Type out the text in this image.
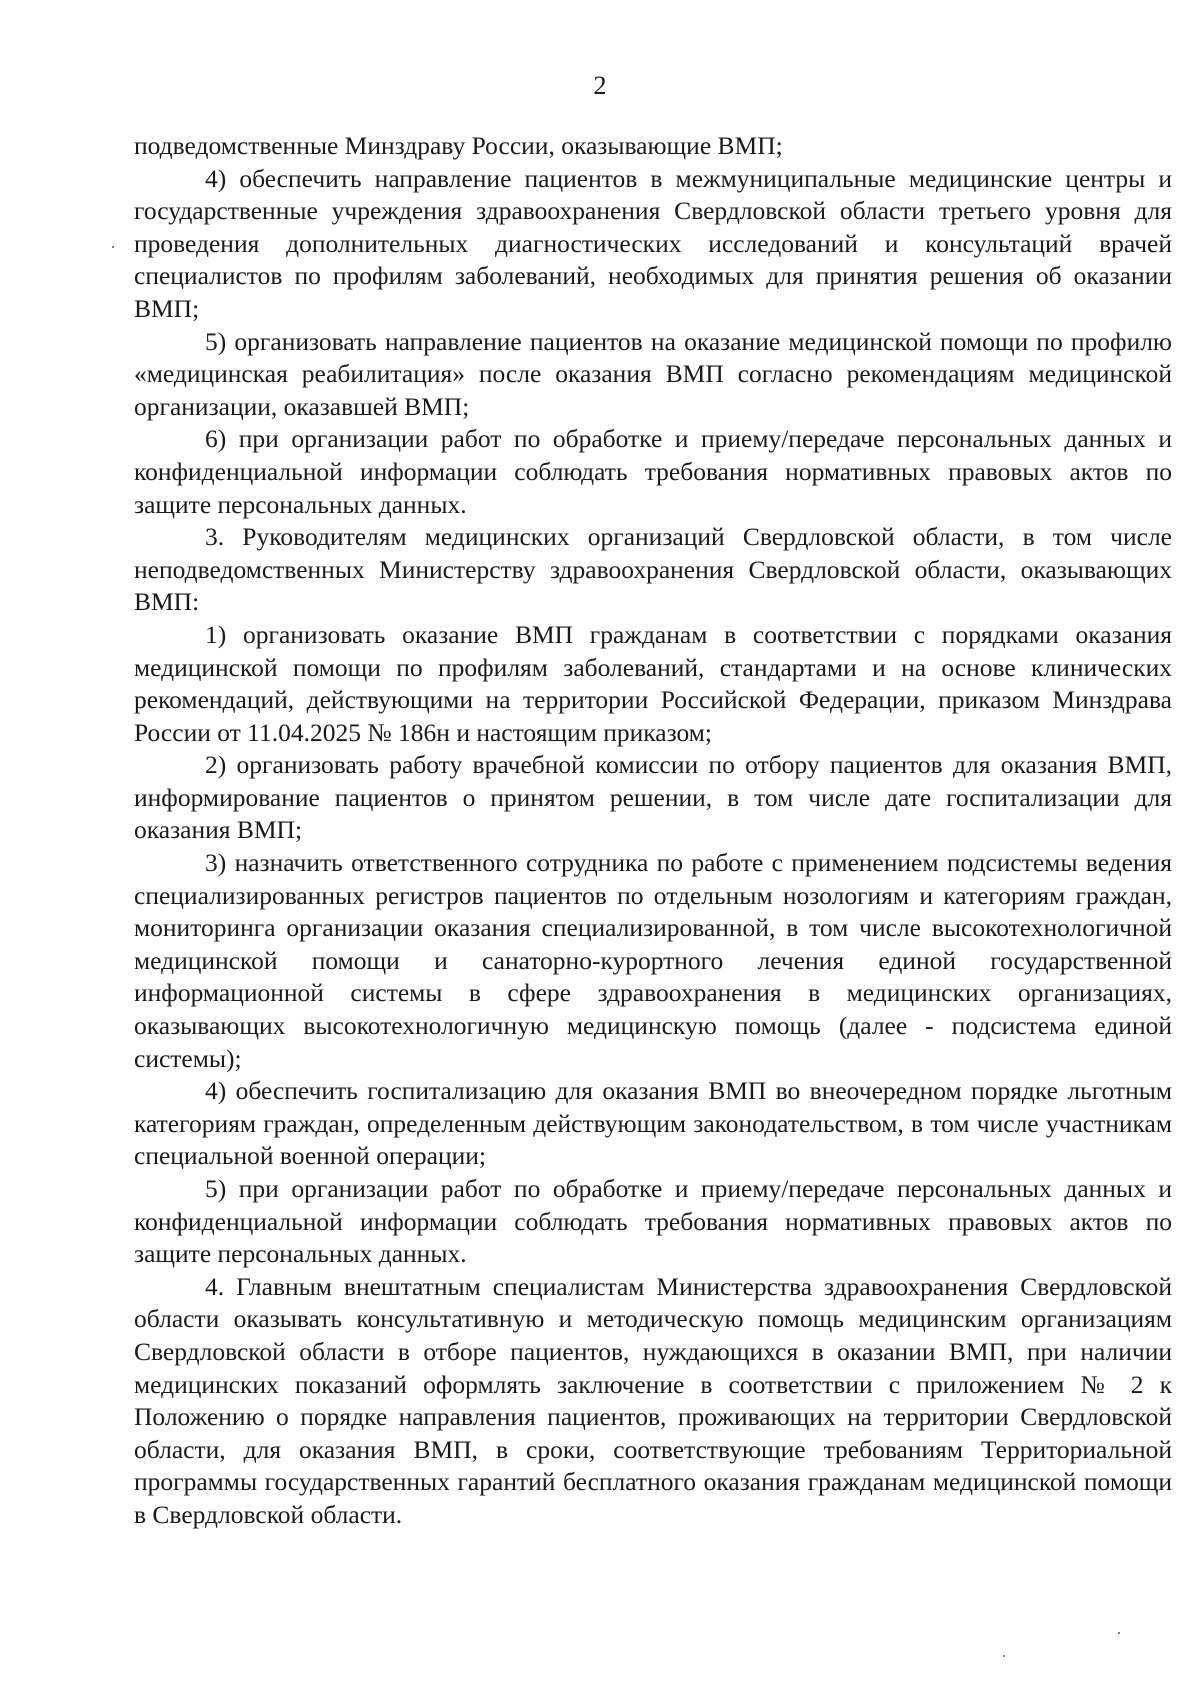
2

подведомственные Минздраву России, оказывающие ВМП;

4) обеспечить направление пациентов в межмуниципальные медицинские центры и государственные учреждения здравоохранения Свердловской области третьего уровня для проведения дополнительных диагностических исследований и консультаций врачей специалистов по профилям заболеваний, необходимых для принятия решения об оказании ВМП;

5) организовать направление пациентов на оказание медицинской помощи по профилю «медицинская реабилитация» после оказания ВМП согласно рекомендациям медицинской организации, оказавшей ВМП;

6) при организации работ по обработке и приему/передаче персональных данных и конфиденциальной информации соблюдать требования нормативных правовых актов по защите персональных данных.

3. Руководителям медицинских организаций Свердловской области, в том числе неподведомственных Министерству здравоохранения Свердловской области, оказывающих ВМП:

1) организовать оказание ВМП гражданам в соответствии с порядками оказания медицинской помощи по профилям заболеваний, стандартами и на основе клинических рекомендаций, действующими на территории Российской Федерации, приказом Минздрава России от 11.04.2025 № 186н и настоящим приказом;

2) организовать работу врачебной комиссии по отбору пациентов для оказания ВМП, информирование пациентов о принятом решении, в том числе дате госпитализации для оказания ВМП;

3) назначить ответственного сотрудника по работе с применением подсистемы ведения специализированных регистров пациентов по отдельным нозологиям и категориям граждан, мониторинга организации оказания специализированной, в том числе высокотехнологичной медицинской помощи и санаторно-курортного лечения единой государственной информационной системы в сфере здравоохранения в медицинских организациях, оказывающих высокотехнологичную медицинскую помощь (далее - подсистема единой системы);

4) обеспечить госпитализацию для оказания ВМП во внеочередном порядке льготным категориям граждан, определенным действующим законодательством, в том числе участникам специальной военной операции;

5) при организации работ по обработке и приему/передаче персональных данных и конфиденциальной информации соблюдать требования нормативных правовых актов по защите персональных данных.

4. Главным внештатным специалистам Министерства здравоохранения Свердловской области оказывать консультативную и методическую помощь медицинским организациям Свердловской области в отборе пациентов, нуждающихся в оказании ВМП, при наличии медицинских показаний оформлять заключение в соответствии с приложением № 2 к Положению о порядке направления пациентов, проживающих на территории Свердловской области, для оказания ВМП, в сроки, соответствующие требованиям Территориальной программы государственных гарантий бесплатного оказания гражданам медицинской помощи в Свердловской области.
